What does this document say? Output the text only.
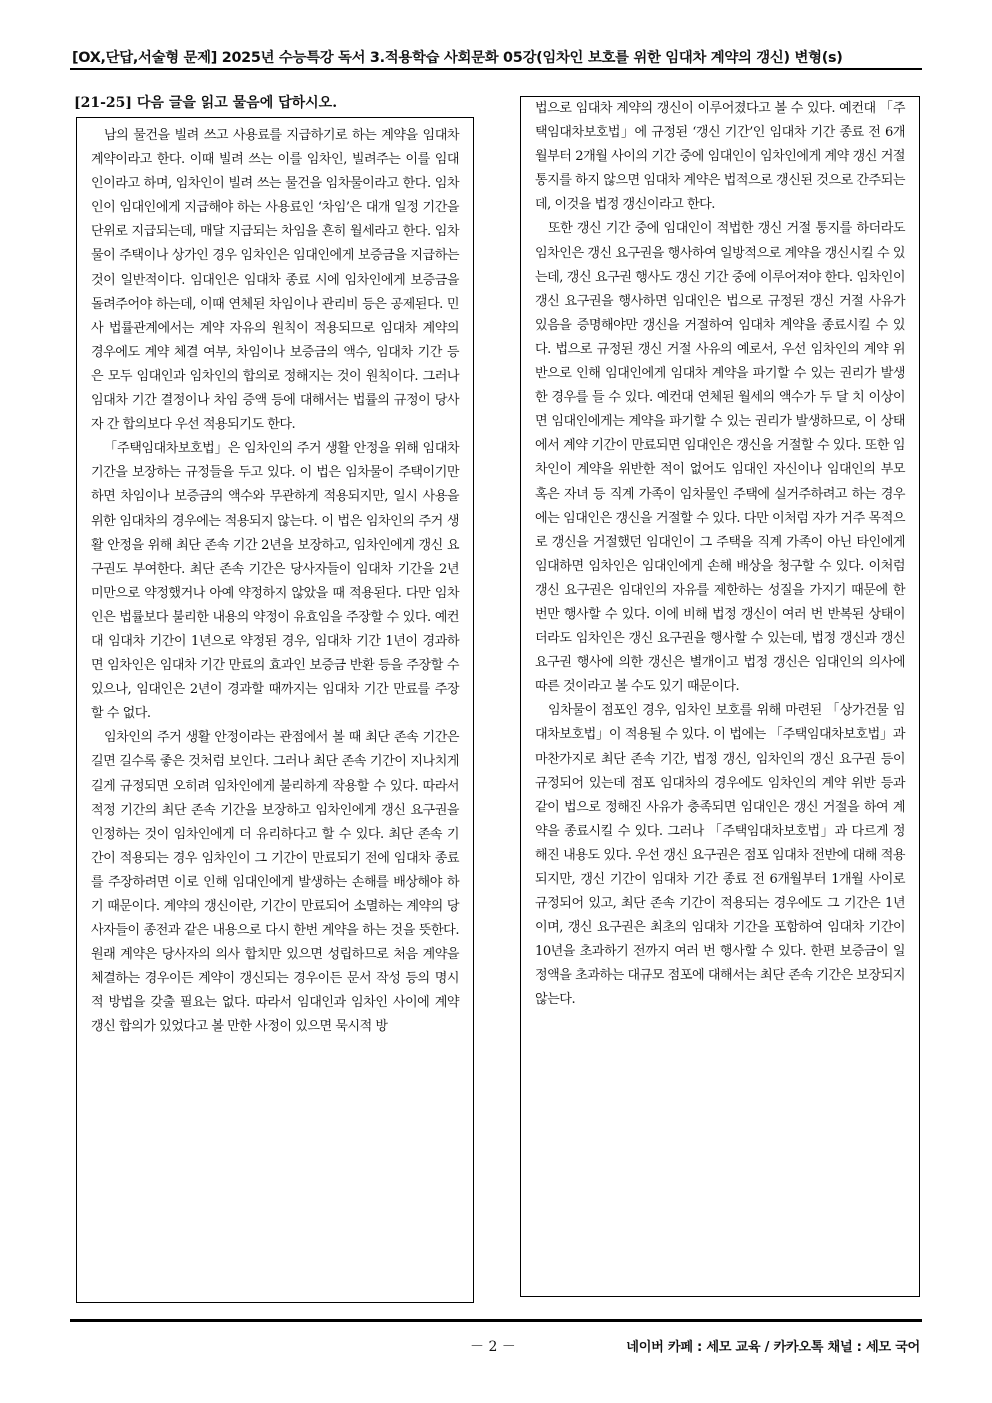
[OX,단답,서술형 문제] 2025년 수능특강 독서 3.적용학습 사회문화 05강(임차인 보호를 위한 임대차 계약의 갱신) 변형(s)
[21-25] 다음 글을 읽고 물음에 답하시오.

남의 물건을 빌려 쓰고 사용료를 지급하기로 하는 계약을 임대차 계약이라고 한다. 이때 빌려 쓰는 이를 임차인, 빌려주는 이를 임대인이라고 하며, 임차인이 빌려 쓰는 물건을 임차물이라고 한다. 임차인이 임대인에게 지급해야 하는 사용료인 ‘차임’은 대개 일정 기간을 단위로 지급되는데, 매달 지급되는 차임을 흔히 월세라고 한다. 임차물이 주택이나 상가인 경우 임차인은 임대인에게 보증금을 지급하는 것이 일반적이다. 임대인은 임대차 종료 시에 임차인에게 보증금을 돌려주어야 하는데, 이때 연체된 차임이나 관리비 등은 공제된다. 민사 법률관계에서는 계약 자유의 원칙이 적용되므로 임대차 계약의 경우에도 계약 체결 여부, 차임이나 보증금의 액수, 임대차 기간 등은 모두 임대인과 임차인의 합의로 정해지는 것이 원칙이다. 그러나 임대차 기간 결정이나 차임 증액 등에 대해서는 법률의 규정이 당사자 간 합의보다 우선 적용되기도 한다.

「주택임대차보호법」은 임차인의 주거 생활 안정을 위해 임대차 기간을 보장하는 규정들을 두고 있다. 이 법은 임차물이 주택이기만 하면 차임이나 보증금의 액수와 무관하게 적용되지만, 일시 사용을 위한 임대차의 경우에는 적용되지 않는다. 이 법은 임차인의 주거 생활 안정을 위해 최단 존속 기간 2년을 보장하고, 임차인에게 갱신 요구권도 부여한다. 최단 존속 기간은 당사자들이 임대차 기간을 2년 미만으로 약정했거나 아예 약정하지 않았을 때 적용된다. 다만 임차인은 법률보다 불리한 내용의 약정이 유효임을 주장할 수 있다. 예컨대 임대차 기간이 1년으로 약정된 경우, 임대차 기간 1년이 경과하면 임차인은 임대차 기간 만료의 효과인 보증금 반환 등을 주장할 수 있으나, 임대인은 2년이 경과할 때까지는 임대차 기간 만료를 주장할 수 없다.

임차인의 주거 생활 안정이라는 관점에서 볼 때 최단 존속 기간은 길면 길수록 좋은 것처럼 보인다. 그러나 최단 존속 기간이 지나치게 길게 규정되면 오히려 임차인에게 불리하게 작용할 수 있다. 따라서 적정 기간의 최단 존속 기간을 보장하고 임차인에게 갱신 요구권을 인정하는 것이 임차인에게 더 유리하다고 할 수 있다. 최단 존속 기간이 적용되는 경우 임차인이 그 기간이 만료되기 전에 임대차 종료를 주장하려면 이로 인해 임대인에게 발생하는 손해를 배상해야 하기 때문이다. 계약의 갱신이란, 기간이 만료되어 소멸하는 계약의 당사자들이 종전과 같은 내용으로 다시 한번 계약을 하는 것을 뜻한다. 원래 계약은 당사자의 의사 합치만 있으면 성립하므로 처음 계약을 체결하는 경우이든 계약이 갱신되는 경우이든 문서 작성 등의 명시적 방법을 갖출 필요는 없다. 따라서 임대인과 임차인 사이에 계약 갱신 합의가 있었다고 볼 만한 사정이 있으면 묵시적 방

법으로 임대차 계약의 갱신이 이루어졌다고 볼 수 있다. 예컨대 「주택임대차보호법」에 규정된 ‘갱신 기간’인 임대차 기간 종료 전 6개월부터 2개월 사이의 기간 중에 임대인이 임차인에게 계약 갱신 거절 통지를 하지 않으면 임대차 계약은 법적으로 갱신된 것으로 간주되는데, 이것을 법정 갱신이라고 한다.

또한 갱신 기간 중에 임대인이 적법한 갱신 거절 통지를 하더라도 임차인은 갱신 요구권을 행사하여 일방적으로 계약을 갱신시킬 수 있는데, 갱신 요구권 행사도 갱신 기간 중에 이루어져야 한다. 임차인이 갱신 요구권을 행사하면 임대인은 법으로 규정된 갱신 거절 사유가 있음을 증명해야만 갱신을 거절하여 임대차 계약을 종료시킬 수 있다. 법으로 규정된 갱신 거절 사유의 예로서, 우선 임차인의 계약 위반으로 인해 임대인에게 임대차 계약을 파기할 수 있는 권리가 발생한 경우를 들 수 있다. 예컨대 연체된 월세의 액수가 두 달 치 이상이면 임대인에게는 계약을 파기할 수 있는 권리가 발생하므로, 이 상태에서 계약 기간이 만료되면 임대인은 갱신을 거절할 수 있다. 또한 임차인이 계약을 위반한 적이 없어도 임대인 자신이나 임대인의 부모 혹은 자녀 등 직계 가족이 임차물인 주택에 실거주하려고 하는 경우에는 임대인은 갱신을 거절할 수 있다. 다만 이처럼 자가 거주 목적으로 갱신을 거절했던 임대인이 그 주택을 직계 가족이 아닌 타인에게 임대하면 임차인은 임대인에게 손해 배상을 청구할 수 있다. 이처럼 갱신 요구권은 임대인의 자유를 제한하는 성질을 가지기 때문에 한 번만 행사할 수 있다. 이에 비해 법정 갱신이 여러 번 반복된 상태이더라도 임차인은 갱신 요구권을 행사할 수 있는데, 법정 갱신과 갱신 요구권 행사에 의한 갱신은 별개이고 법정 갱신은 임대인의 의사에 따른 것이라고 볼 수도 있기 때문이다.

임차물이 점포인 경우, 임차인 보호를 위해 마련된 「상가건물 임대차보호법」이 적용될 수 있다. 이 법에는 「주택임대차보호법」과 마찬가지로 최단 존속 기간, 법정 갱신, 임차인의 갱신 요구권 등이 규정되어 있는데 점포 임대차의 경우에도 임차인의 계약 위반 등과 같이 법으로 정해진 사유가 충족되면 임대인은 갱신 거절을 하여 계약을 종료시킬 수 있다. 그러나 「주택임대차보호법」과 다르게 정해진 내용도 있다. 우선 갱신 요구권은 점포 임대차 전반에 대해 적용되지만, 갱신 기간이 임대차 기간 종료 전 6개월부터 1개월 사이로 규정되어 있고, 최단 존속 기간이 적용되는 경우에도 그 기간은 1년이며, 갱신 요구권은 최초의 임대차 기간을 포함하여 임대차 기간이 10년을 초과하기 전까지 여러 번 행사할 수 있다. 한편 보증금이 일정액을 초과하는 대규모 점포에 대해서는 최단 존속 기간은 보장되지 않는다.

－ 2 －	네이버 카페 : 세모 교육 / 카카오톡 채널 : 세모 국어
